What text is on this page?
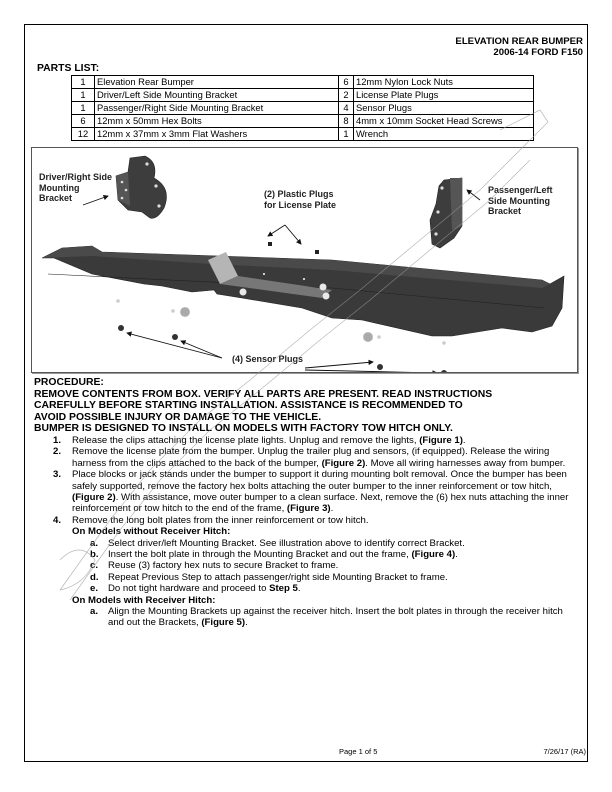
ELEVATION REAR BUMPER
2006-14 FORD F150
PARTS LIST:
1	Elevation Rear Bumper	6	12mm Nylon Lock Nuts
1	Driver/Left Side Mounting Bracket	2	License Plate Plugs
1	Passenger/Right Side Mounting Bracket	4	Sensor Plugs
6	12mm x 50mm Hex Bolts	8	4mm x 10mm Socket Head Screws
12	12mm x 37mm x 3mm Flat Washers	1	Wrench
Driver/Right Side
Mounting
Bracket	(2) Plastic Plugs
for License Plate
Passenger/Left
Side Mounting
Bracket
(4) Sensor Plugs
PROCEDURE:
REMOVE CONTENTS FROM BOX. VERIFY ALL PARTS ARE PRESENT. READ INSTRUCTIONS
CAREFULLY BEFORE STARTING INSTALLATION. ASSISTANCE IS RECOMMENDED TO
AVOID POSSIBLE INJURY OR DAMAGE TO THE VEHICLE.
BUMPER IS DESIGNED TO INSTALL ON MODELS WITH FACTORY TOW HITCH ONLY.
1. Release the clips attaching the license plate lights. Unplug and remove the lights, (Figure 1).
2. Remove the license plate from the bumper. Unplug the trailer plug and sensors, (if equipped). Release the wiring harness from the clips attached to the back of the bumper, (Figure 2). Move all wiring harnesses away from bumper.
3. Place blocks or jack stands under the bumper to support it during mounting bolt removal. Once the bumper has been safely supported, remove the factory hex bolts attaching the outer bumper to the inner reinforcement or tow hitch, (Figure 2). With assistance, move outer bumper to a clean surface. Next, remove the (6) hex nuts attaching the inner reinforcement or tow hitch to the end of the frame, (Figure 3).
4. Remove the long bolt plates from the inner reinforcement or tow hitch.
On Models without Receiver Hitch:
a. Select driver/left Mounting Bracket. See illustration above to identify correct Bracket.
b. Insert the bolt plate in through the Mounting Bracket and out the frame, (Figure 4).
c. Reuse (3) factory hex nuts to secure Bracket to frame.
d. Repeat Previous Step to attach passenger/right side Mounting Bracket to frame.
e. Do not tight hardware and proceed to Step 5.
On Models with Receiver Hitch:
a. Align the Mounting Brackets up against the receiver hitch. Insert the bolt plates in through the receiver hitch and out the Brackets, (Figure 5).
Page 1 of 5	7/26/17 (RA)
